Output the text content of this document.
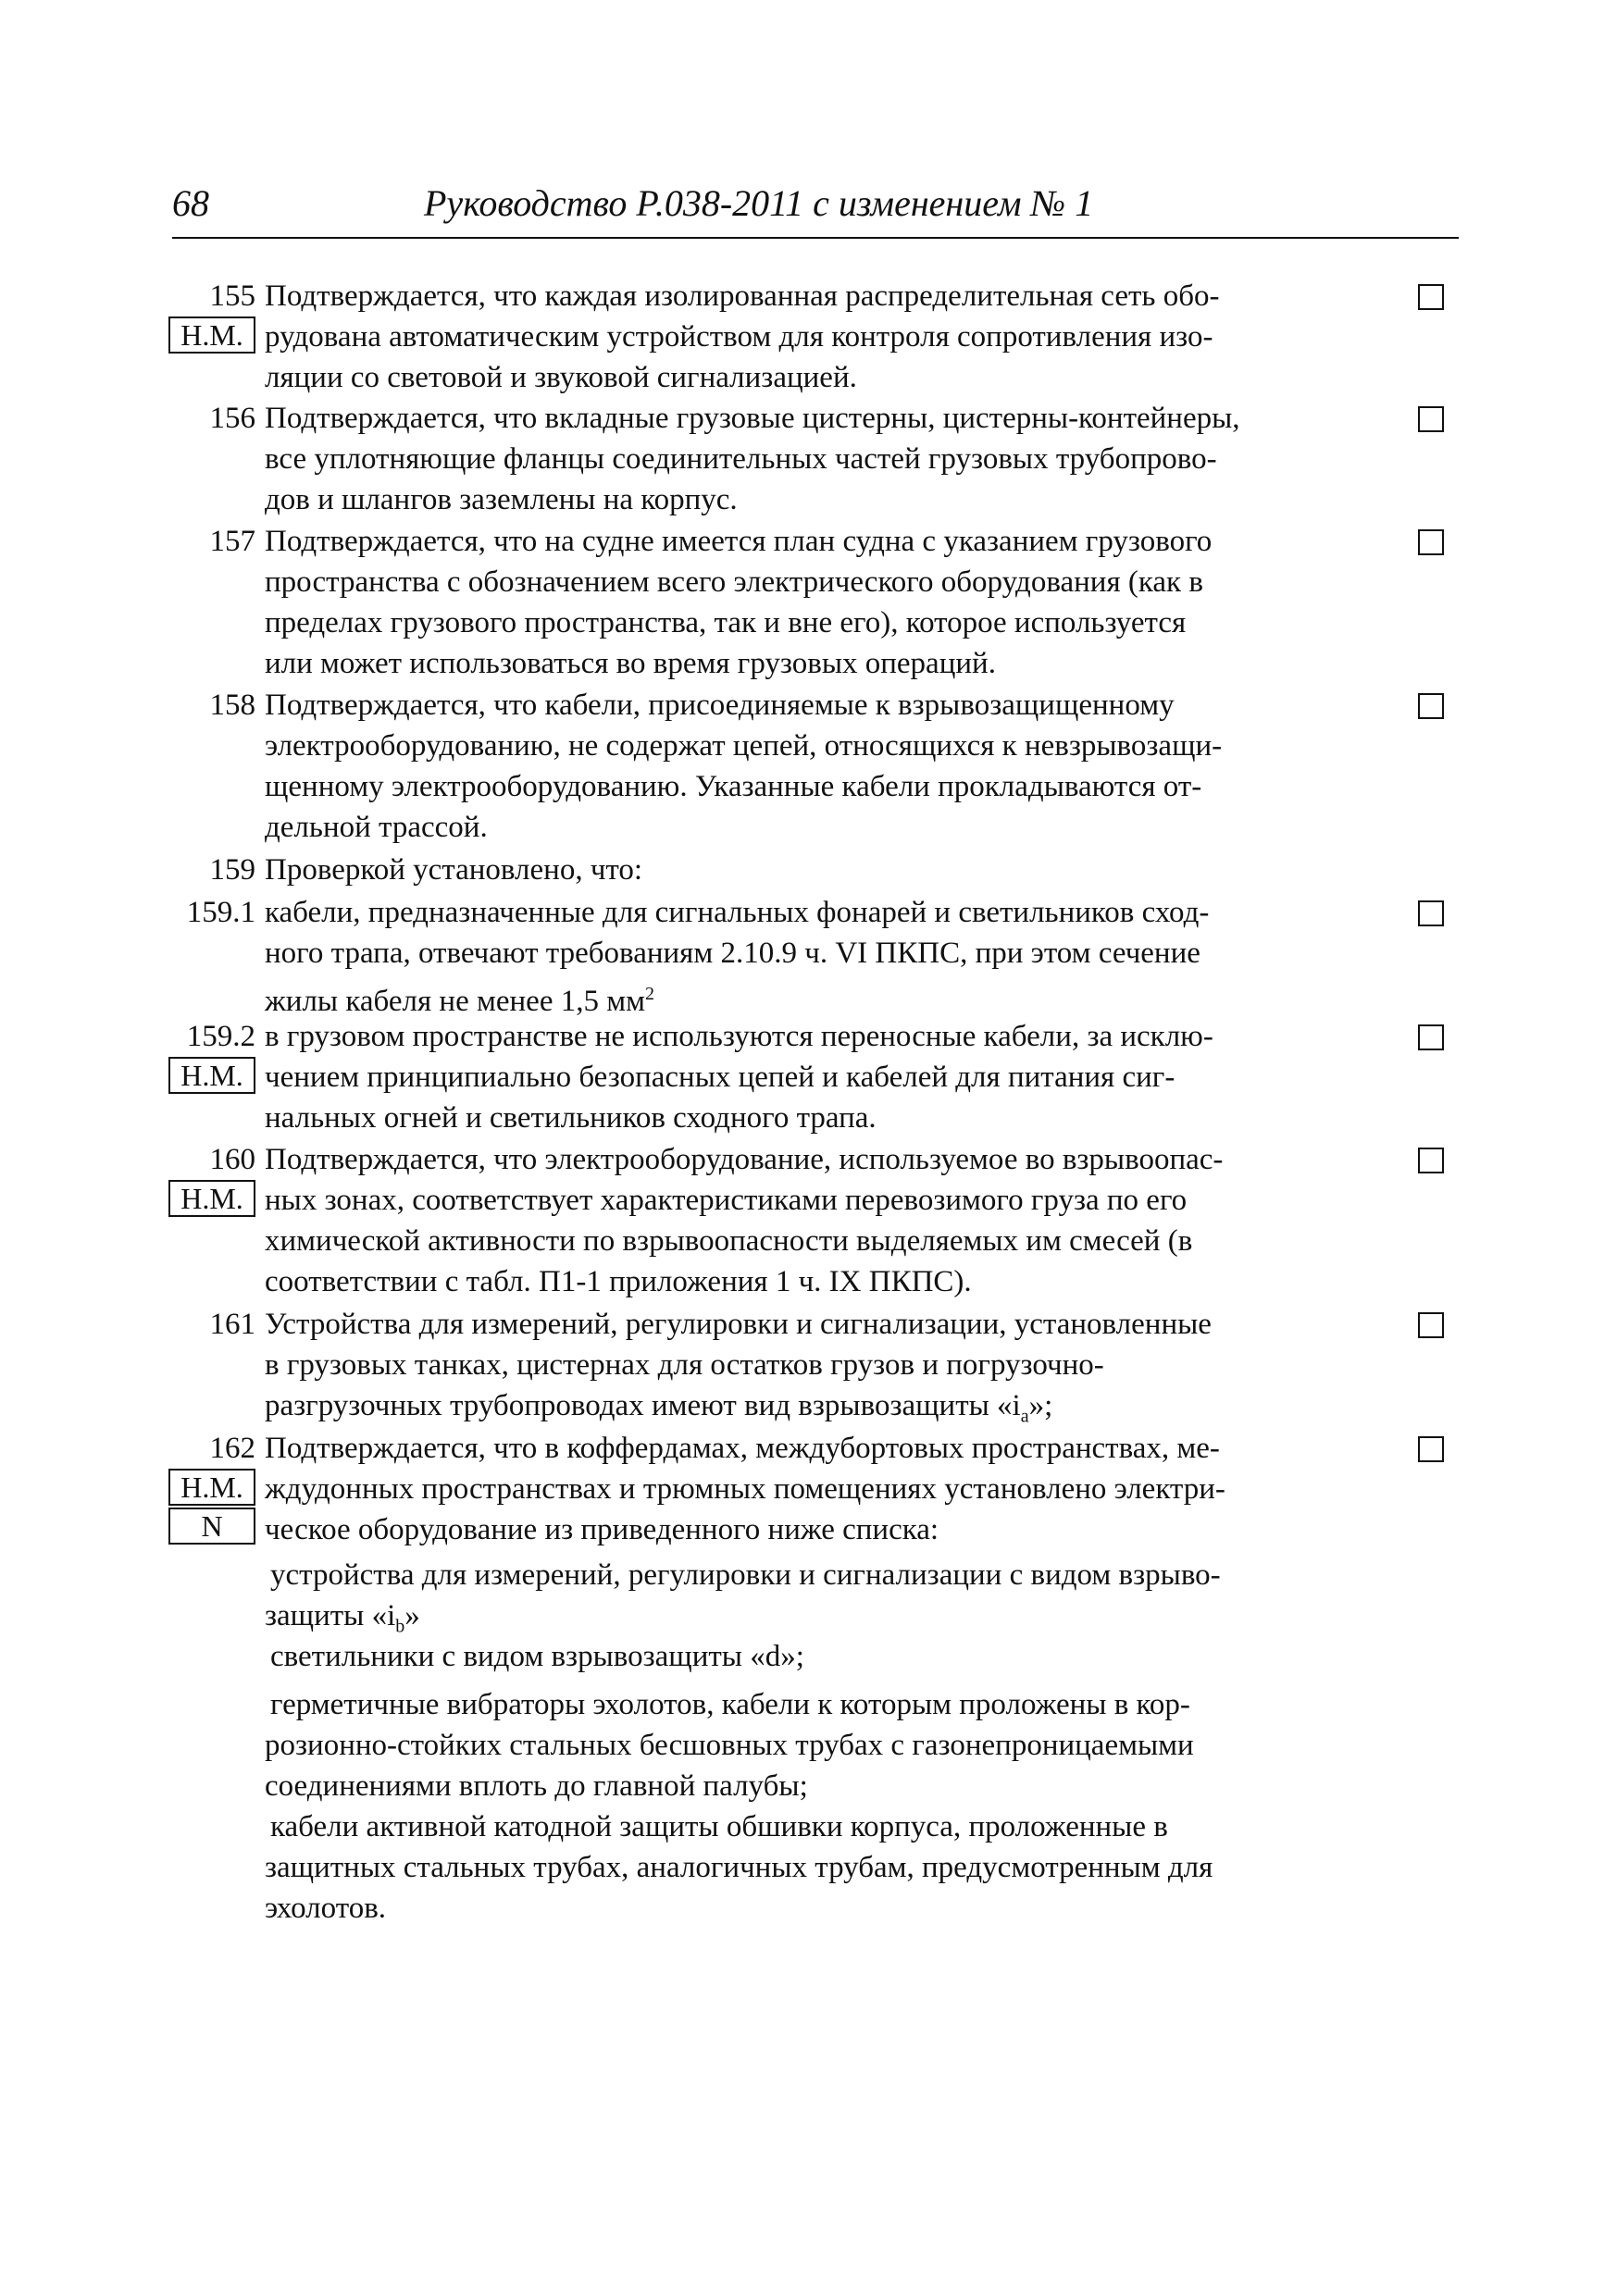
68	Руководство Р.038-2011 с изменением № 1
155
Н.М.
Подтверждается, что каждая изолированная распределительная сеть обо-
рудована автоматическим устройством для контроля сопротивления изо-
ляции со световой и звуковой сигнализацией.
156 Подтверждается, что вкладные грузовые цистерны, цистерны-контейнеры,
все уплотняющие фланцы соединительных частей грузовых трубопрово-
дов и шлангов заземлены на корпус.
157 Подтверждается, что на судне имеется план судна с указанием грузового
пространства с обозначением всего электрического оборудования (как в
пределах грузового пространства, так и вне его), которое используется
или может использоваться во время грузовых операций.
158 Подтверждается, что кабели, присоединяемые к взрывозащищенному
электрооборудованию, не содержат цепей, относящихся к невзрывозащи-
щенному электрооборудованию. Указанные кабели прокладываются от-
дельной трассой.
159 Проверкой установлено, что:
159.1 кабели, предназначенные для сигнальных фонарей и светильников сход-
ного трапа, отвечают требованиям 2.10.9 ч. VI ПКПС, при этом сечение
жилы кабеля не менее 1,5 $мм^2$
159.2
Н.М.
в грузовом пространстве не используются переносные кабели, за исклю-
чением принципиально безопасных цепей и кабелей для питания сиг-
нальных огней и светильников сходного трапа.
160
Н.М.
Подтверждается, что электрооборудование, используемое во взрывоопас-
ных зонах, соответствует характеристиками перевозимого груза по его
химической активности по взрывоопасности выделяемых им смесей (в
соответствии с табл. П1-1 приложения 1 ч. IX ПКПС).
161 Устройства для измерений, регулировки и сигнализации, установленные
в грузовых танках, цистернах для остатков грузов и погрузочно-
разгрузочных трубопроводах имеют вид взрывозащиты «$i_a$»;
162
Н.М.
N
Подтверждается, что в коффердамах, междубортовых пространствах, ме-
ждудонных пространствах и трюмных помещениях установлено электри-
ческое оборудование из приведенного ниже списка:
устройства для измерений, регулировки и сигнализации с видом взрыво-
защиты «$i_b$»
светильники с видом взрывозащиты «d»;
герметичные вибраторы эхолотов, кабели к которым проложены в кор-
розионно-стойких стальных бесшовных трубах с газонепроницаемыми
соединениями вплоть до главной палубы;
кабели активной катодной защиты обшивки корпуса, проложенные в
защитных стальных трубах, аналогичных трубам, предусмотренным для
эхолотов.
